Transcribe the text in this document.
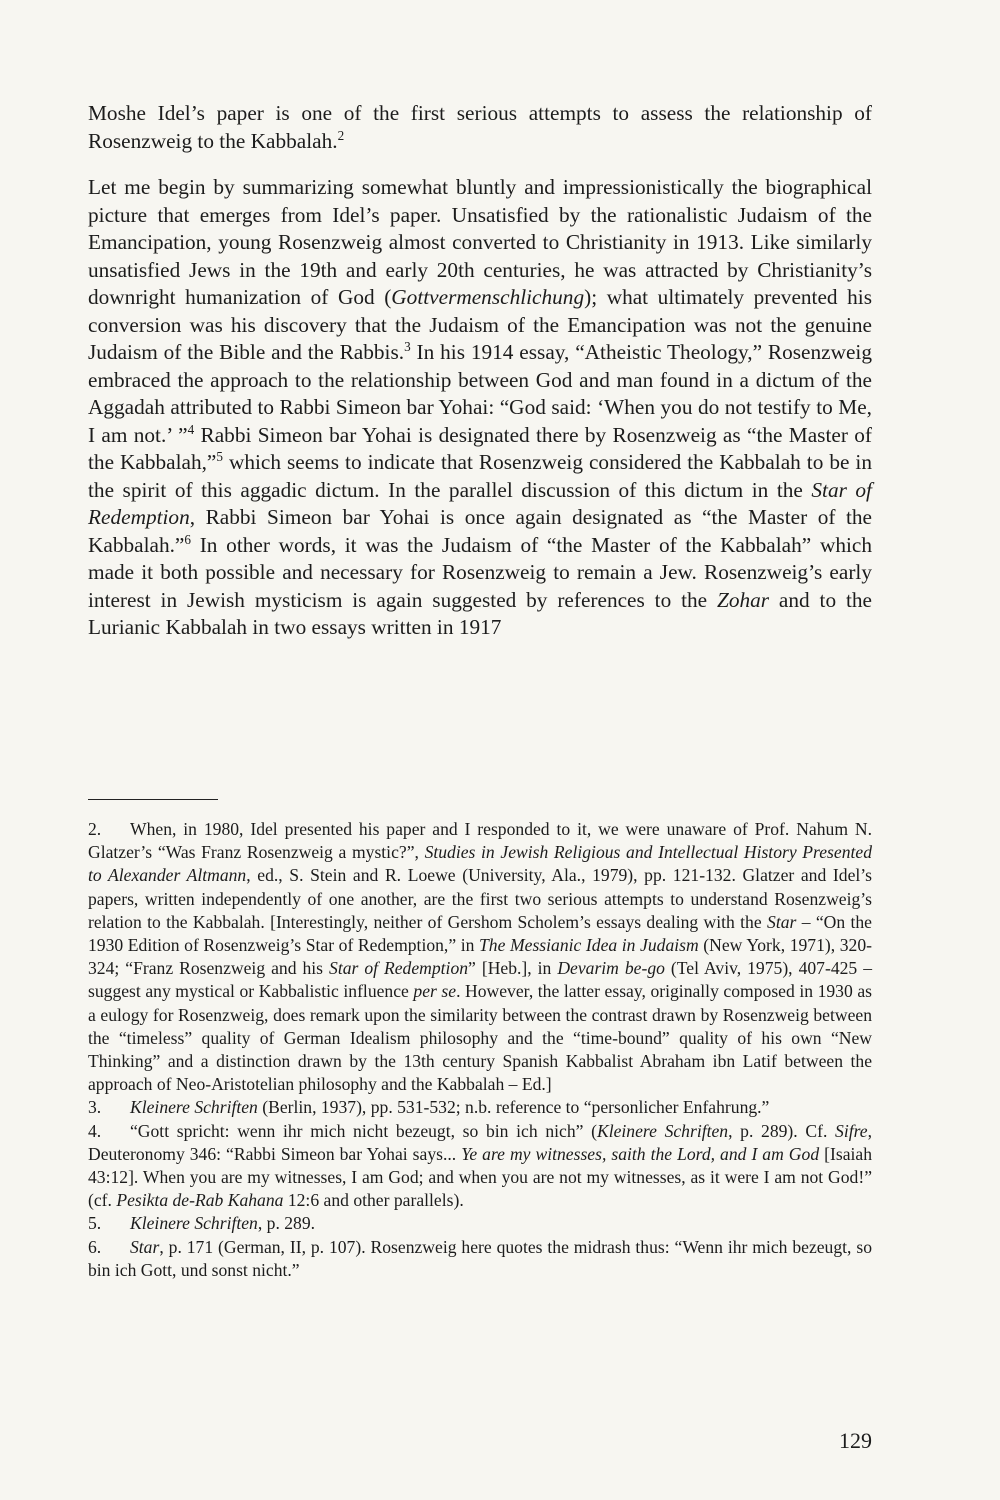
Moshe Idel’s paper is one of the first serious attempts to assess the relationship of Rosenzweig to the Kabbalah.$^2$

Let me begin by summarizing somewhat bluntly and impressionistically the biographical picture that emerges from Idel’s paper. Unsatisfied by the rationalistic Judaism of the Emancipation, young Rosenzweig almost converted to Christianity in 1913. Like similarly unsatisfied Jews in the 19th and early 20th centuries, he was attracted by Christianity’s downright humanization of God (Gottvermenschlichung); what ultimately prevented his conversion was his discovery that the Judaism of the Emancipation was not the genuine Judaism of the Bible and the Rabbis.$^3$ In his 1914 essay, “Atheistic Theology,” Rosenzweig embraced the approach to the relationship between God and man found in a dictum of the Aggadah attributed to Rabbi Simeon bar Yohai: “God said: ‘When you do not testify to Me, I am not.’ ”$^4$ Rabbi Simeon bar Yohai is designated there by Rosenzweig as “the Master of the Kabbalah,”$^5$ which seems to indicate that Rosenzweig considered the Kabbalah to be in the spirit of this aggadic dictum. In the parallel discussion of this dictum in the Star of Redemption, Rabbi Simeon bar Yohai is once again designated as “the Master of the Kabbalah.”$^6$ In other words, it was the Judaism of “the Master of the Kabbalah” which made it both possible and necessary for Rosenzweig to remain a Jew. Rosenzweig’s early interest in Jewish mysticism is again suggested by references to the Zohar and to the Lurianic Kabbalah in two essays written in 1917

2. When, in 1980, Idel presented his paper and I responded to it, we were unaware of Prof. Nahum N. Glatzer’s “Was Franz Rosenzweig a mystic?”, Studies in Jewish Religious and Intellectual History Presented to Alexander Altmann, ed., S. Stein and R. Loewe (University, Ala., 1979), pp. 121-132. Glatzer and Idel’s papers, written independently of one another, are the first two serious attempts to understand Rosenzweig’s relation to the Kabbalah. [Interestingly, neither of Gershom Scholem’s essays dealing with the Star – “On the 1930 Edition of Rosenzweig’s Star of Redemption,” in The Messianic Idea in Judaism (New York, 1971), 320-324; “Franz Rosenzweig and his Star of Redemption” [Heb.], in Devarim be-go (Tel Aviv, 1975), 407-425 – suggest any mystical or Kabbalistic influence per se. However, the latter essay, originally composed in 1930 as a eulogy for Rosenzweig, does remark upon the similarity between the contrast drawn by Rosenzweig between the “timeless” quality of German Idealism philosophy and the “time-bound” quality of his own “New Thinking” and a distinction drawn by the 13th century Spanish Kabbalist Abraham ibn Latif between the approach of Neo-Aristotelian philosophy and the Kabbalah – Ed.]
3. Kleinere Schriften (Berlin, 1937), pp. 531-532; n.b. reference to “personlicher Enfahrung.”
4. “Gott spricht: wenn ihr mich nicht bezeugt, so bin ich nich” (Kleinere Schriften, p. 289). Cf. Sifre, Deuteronomy 346: “Rabbi Simeon bar Yohai says... Ye are my witnesses, saith the Lord, and I am God [Isaiah 43:12]. When you are my witnesses, I am God; and when you are not my witnesses, as it were I am not God!” (cf. Pesikta de-Rab Kahana 12:6 and other parallels).
5. Kleinere Schriften, p. 289.
6. Star, p. 171 (German, II, p. 107). Rosenzweig here quotes the midrash thus: “Wenn ihr mich bezeugt, so bin ich Gott, und sonst nicht.”
129
